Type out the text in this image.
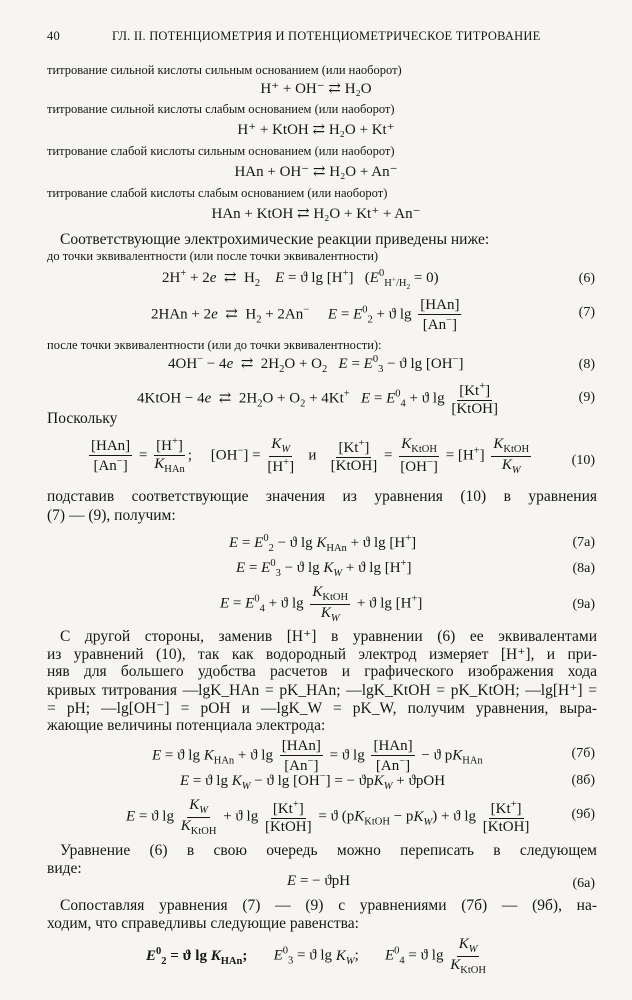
40	ГЛ. II. ПОТЕНЦИОМЕТРИЯ И ПОТЕНЦИОМЕТРИЧЕСКОЕ ТИТРОВАНИЕ
титрование сильной кислоты сильным основанием (или наоборот)
H⁺ + OH⁻ ⇄ H₂O
титрование сильной кислоты слабым основанием (или наоборот)
H⁺ + KtOH ⇄ H₂O + Kt⁺
титрование слабой кислоты сильным основанием (или наоборот)
HAn + OH⁻ ⇄ H₂O + An⁻
титрование слабой кислоты слабым основанием (или наоборот)
HAn + KtOH ⇄ H₂O + Kt⁺ + An⁻
Соответствующие электрохимические реакции приведены ниже:
до точки эквивалентности (или после точки эквивалентности)
2H+ + 2e  ⇄  $H_2$ E = ϑ lg [H+]   $(E^0_{H^+/H_2} = 0)$	(6)
2HAn + 2e  ⇄  $H_2 + 2An^-$ $E = E^0_2 + ϑ$ lg
[HAn]
[An−]
(7)
после точки эквивалентности (или до точки эквивалентности):
4OH− − 4e  ⇄  $2H_2O + O_2$ $E = E^0_3 - ϑ$ lg [OH−]	(8)
4KtOH − 4e  ⇄  $2H_2O + O_2 + 4Kt^+$ $E = E^0_4 + ϑ$ lg [Kt+]
[KtOH]
(9)
Поскольку
[HAn]
[An−]
=
[H+]
$K_{HAn}$
;     $[OH^-] = \frac{K_W}{[H^+]}$ и [Kt+]
[KtOH]
=
$K_{KtOH}$
[OH−]
= [H+]
$K_{KtOH}$
$K_W$
(10)
подставив соответствующие значения из уравнения (10) в уравнения
(7) — (9), получим:
$E = E^0_2 - ϑ$ $\lg K_{HAn} + ϑ$ lg [H+]	(7а)
$E = E^0_3 - ϑ$ $\lg K_W + ϑ$ lg [H+]	(8а)
$E = E^0_4 + ϑ$ lg
$K_{KtOH}$
$K_W$
+ ϑ lg [H+]	(9а)
С другой стороны, заменив [H⁺] в уравнении (6) ее эквивалентами
из уравнений (10), так как водородный электрод измеряет [H⁺], и при-
няв для большего удобства расчетов и графического изображения хода
кривых титрования —lgK_HAn = pK_HAn; —lgK_KtOH = pK_KtOH; —lg[H⁺] =
= pH; —lg[OH⁻] = pOH и —lgK_W = pK_W, получим уравнения, выра-
жающие величины потенциала электрода:
E = ϑ $\lg K_{HAn} + ϑ$ lg
[HAn]
[An−]
= ϑ lg
[HAn]
[An−]
− ϑ $pK_{HAn}$
(7б)
E = ϑ $\lg K_W - ϑ$ lg [OH−] = − ϑpK$_W$ + ϑpOH	(8б)
E = ϑ lg
$K_W$
$K_{KtOH}$
+ ϑ lg [Kt+]
[KtOH]
= ϑ $(pK_{KtOH} - pK_W) + ϑ$ lg [Kt+]
[KtOH]
(9б)
Уравнение (6) в свою очередь можно переписать в следующем
виде:
E = − ϑpH	(6а)
Сопоставляя уравнения (7) — (9) с уравнениями (7б) — (9б), на-
ходим, что справедливы следующие равенства:
$E^0_2 = ϑ$ $\lg K_{HAn}$; $E^0_3 = ϑ$ $\lg K_W$;       $E^0_4 = ϑ$ lg
$K_W$
$K_{KtOH}$
